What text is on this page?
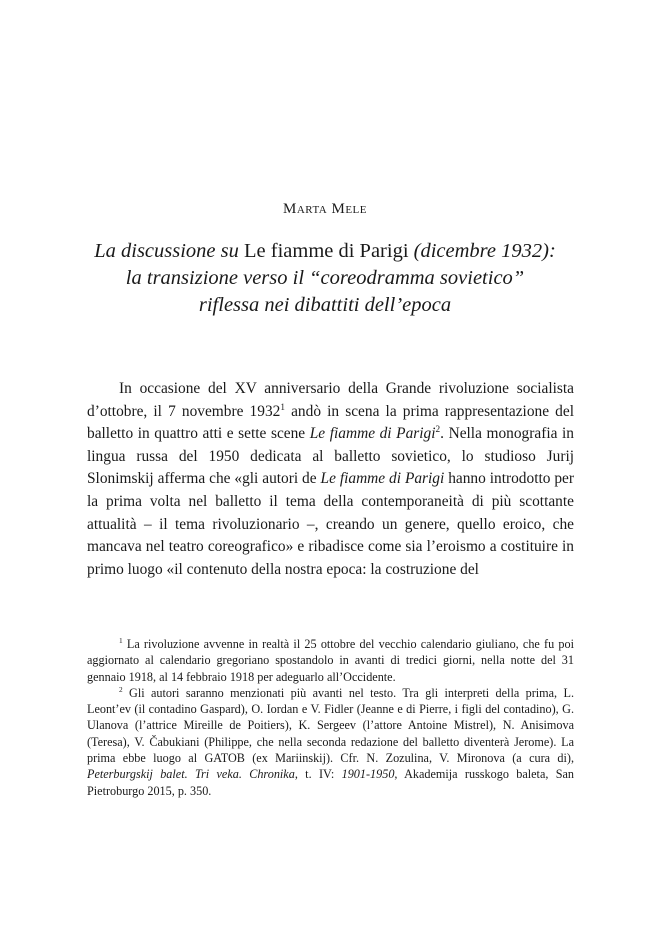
Marta Mele
La discussione su Le fiamme di Parigi (dicembre 1932):
la transizione verso il “coreodramma sovietico”
riflessa nei dibattiti dell’epoca

In occasione del XV anniversario della Grande rivoluzione socialista d’ottobre, il 7 novembre 1932$^1$ andò in scena la prima rappresentazione del balletto in quattro atti e sette scene Le fiamme di Parigi$^2$. Nella monografia in lingua russa del 1950 dedicata al balletto sovietico, lo studioso Jurij Slonimskij afferma che «gli autori de Le fiamme di Parigi hanno introdotto per la prima volta nel balletto il tema della contemporaneità di più scottante attualità – il tema rivoluzionario –, creando un genere, quello eroico, che mancava nel teatro coreografico» e ribadisce come sia l’eroismo a costituire in primo luogo «il contenuto della nostra epoca: la costruzione del

$^1$ La rivoluzione avvenne in realtà il 25 ottobre del vecchio calendario giuliano, che fu poi aggiornato al calendario gregoriano spostandolo in avanti di tredici giorni, nella notte del 31 gennaio 1918, al 14 febbraio 1918 per adeguarlo all’Occidente.

$^2$ Gli autori saranno menzionati più avanti nel testo. Tra gli interpreti della prima, L. Leont’ev (il contadino Gaspard), O. Iordan e V. Fidler (Jeanne e di Pierre, i figli del contadino), G. Ulanova (l’attrice Mireille de Poitiers), K. Sergeev (l’attore Antoine Mistrel), N. Anisimova (Teresa), V. Čabukiani (Philippe, che nella seconda redazione del balletto diventerà Jerome). La prima ebbe luogo al GATOB (ex Mariinskij). Cfr. N. Zozulina, V. Mironova (a cura di), Peterburgskij balet. Tri veka. Chronika, t. IV: 1901-1950, Akademija russkogo baleta, San Pietroburgo 2015, p. 350.
